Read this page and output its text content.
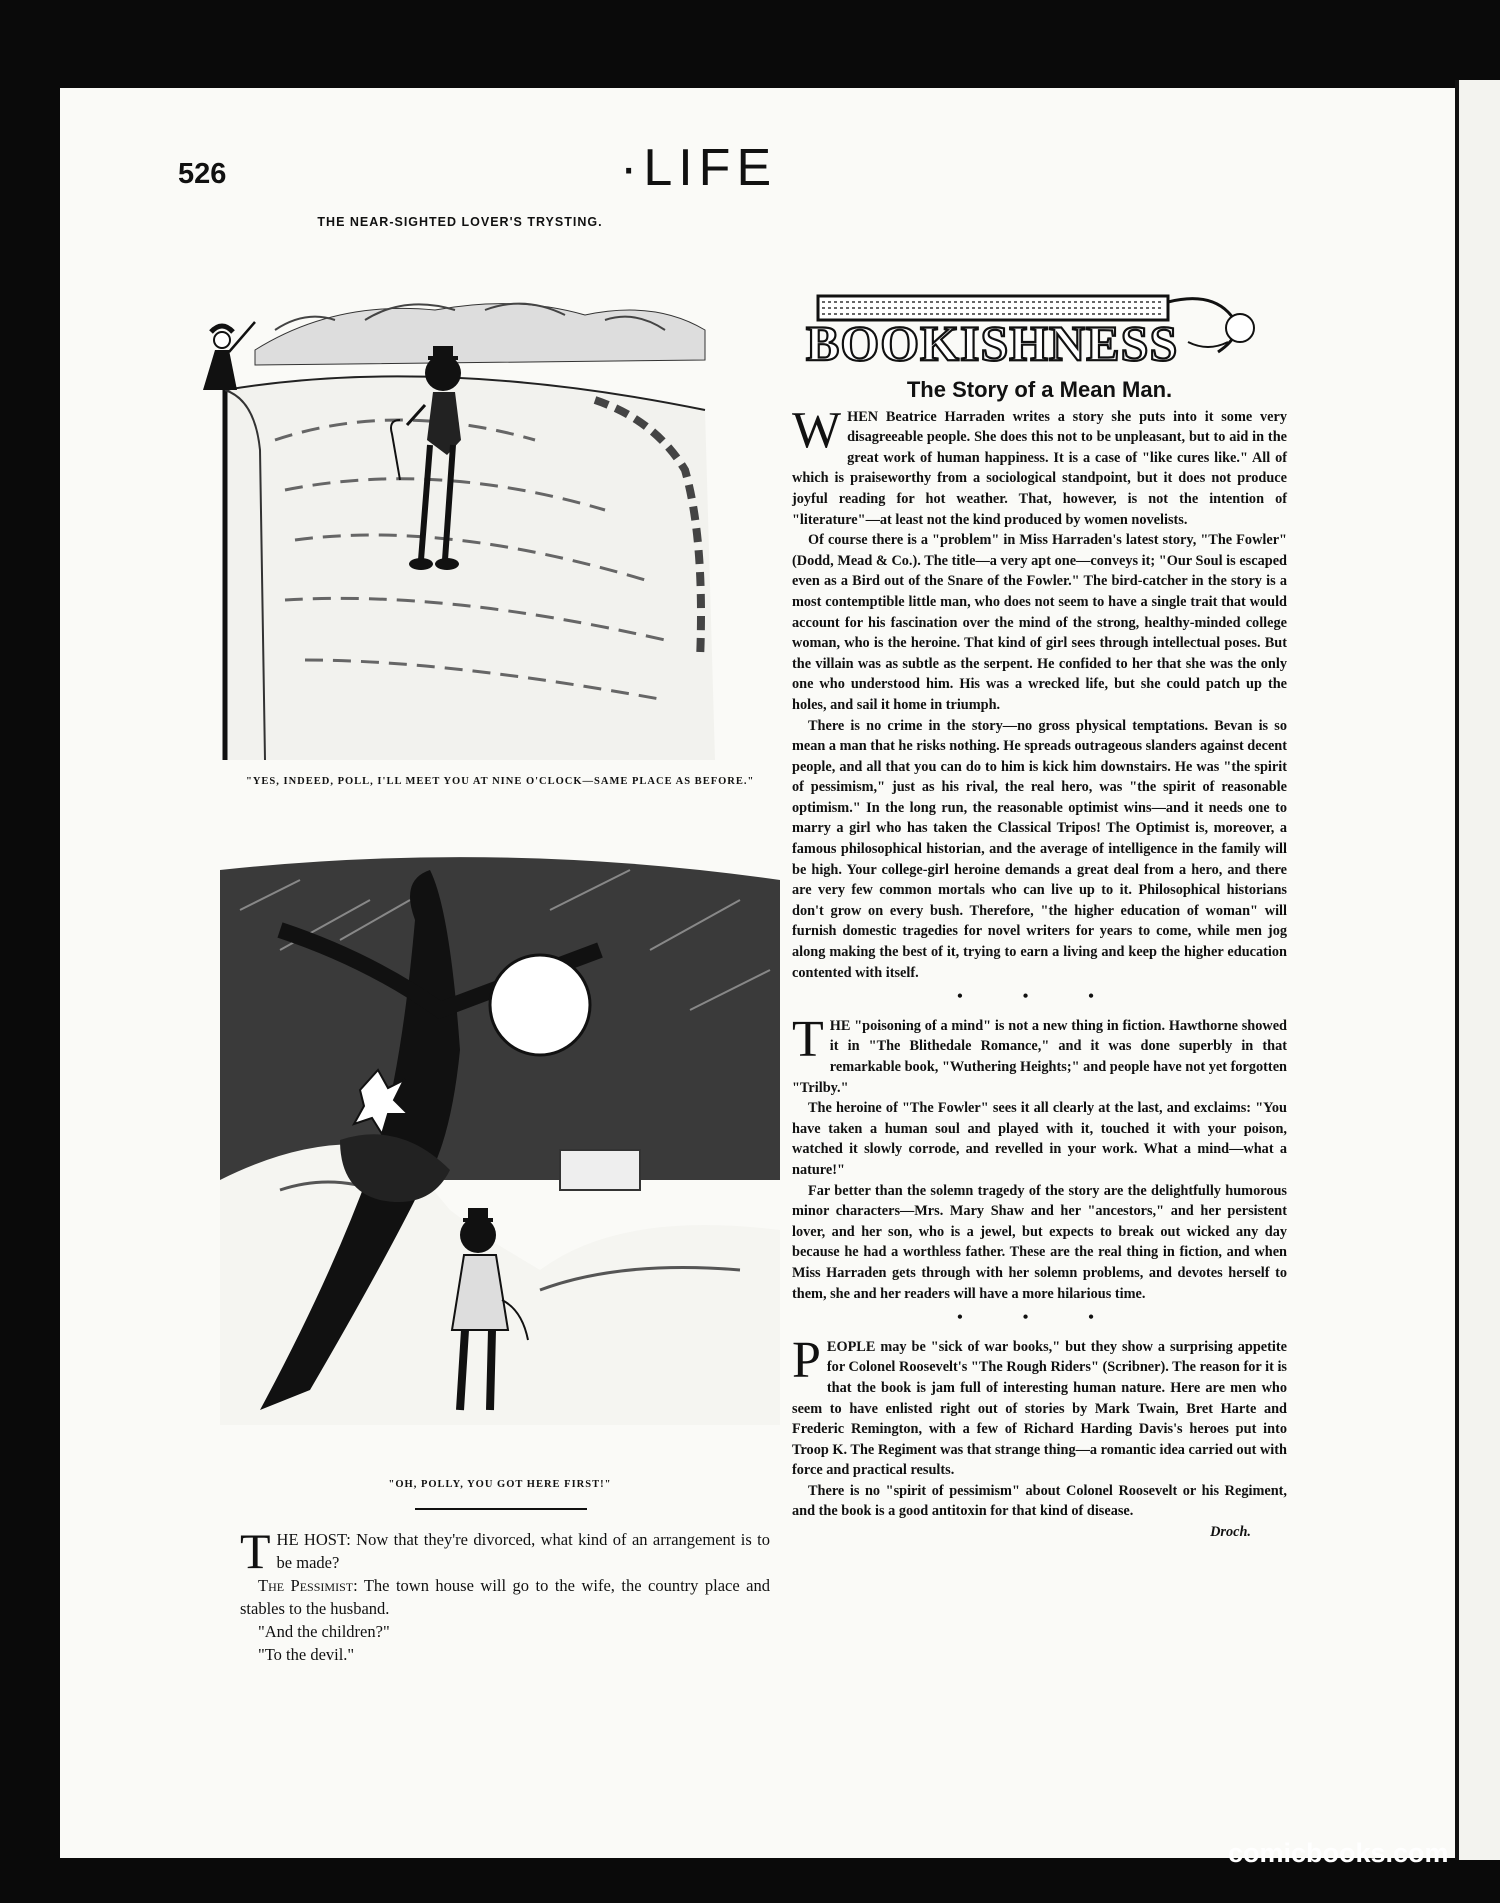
526	·LIFE
THE NEAR-SIGHTED LOVER'S TRYSTING.
"YES, INDEED, POLL, I'LL MEET YOU AT NINE O'CLOCK—SAME PLACE AS BEFORE."
"OH, POLLY, YOU GOT HERE FIRST!"

THE HOST: Now that they're divorced, what kind of an arrangement is to be made?

The Pessimist: The town house will go to the wife, the country place and stables to the husband.

"And the children?"

"To the devil."

BOOKISHNESS
The Story of a Mean Man.

WHEN Beatrice Harraden writes a story she puts into it some very disagreeable people. She does this not to be unpleasant, but to aid in the great work of human happiness. It is a case of "like cures like." All of which is praiseworthy from a sociological standpoint, but it does not produce joyful reading for hot weather. That, however, is not the intention of "literature"—at least not the kind produced by women novelists.

Of course there is a "problem" in Miss Harraden's latest story, "The Fowler" (Dodd, Mead & Co.). The title—a very apt one—conveys it; "Our Soul is escaped even as a Bird out of the Snare of the Fowler." The bird-catcher in the story is a most contemptible little man, who does not seem to have a single trait that would account for his fascination over the mind of the strong, healthy-minded college woman, who is the heroine. That kind of girl sees through intellectual poses. But the villain was as subtle as the serpent. He confided to her that she was the only one who understood him. His was a wrecked life, but she could patch up the holes, and sail it home in triumph.

There is no crime in the story—no gross physical temptations. Bevan is so mean a man that he risks nothing. He spreads outrageous slanders against decent people, and all that you can do to him is kick him downstairs. He was "the spirit of pessimism," just as his rival, the real hero, was "the spirit of reasonable optimism." In the long run, the reasonable optimist wins—and it needs one to marry a girl who has taken the Classical Tripos! The Optimist is, moreover, a famous philosophical historian, and the average of intelligence in the family will be high. Your college-girl heroine demands a great deal from a hero, and there are very few common mortals who can live up to it. Philosophical historians don't grow on every bush. Therefore, "the higher education of woman" will furnish domestic tragedies for novel writers for years to come, while men jog along making the best of it, trying to earn a living and keep the higher education contented with itself.

• • •

THE "poisoning of a mind" is not a new thing in fiction. Hawthorne showed it in "The Blithedale Romance," and it was done superbly in that remarkable book, "Wuthering Heights;" and people have not yet forgotten "Trilby."

The heroine of "The Fowler" sees it all clearly at the last, and exclaims: "You have taken a human soul and played with it, touched it with your poison, watched it slowly corrode, and revelled in your work. What a mind—what a nature!"

Far better than the solemn tragedy of the story are the delightfully humorous minor characters—Mrs. Mary Shaw and her "ancestors," and her persistent lover, and her son, who is a jewel, but expects to break out wicked any day because he had a worthless father. These are the real thing in fiction, and when Miss Harraden gets through with her solemn problems, and devotes herself to them, she and her readers will have a more hilarious time.

• • •

PEOPLE may be "sick of war books," but they show a surprising appetite for Colonel Roosevelt's "The Rough Riders" (Scribner). The reason for it is that the book is jam full of interesting human nature. Here are men who seem to have enlisted right out of stories by Mark Twain, Bret Harte and Frederic Remington, with a few of Richard Harding Davis's heroes put into Troop K. The Regiment was that strange thing—a romantic idea carried out with force and practical results.

There is no "spirit of pessimism" about Colonel Roosevelt or his Regiment, and the book is a good antitoxin for that kind of disease.

Droch.
comicbooks.com
